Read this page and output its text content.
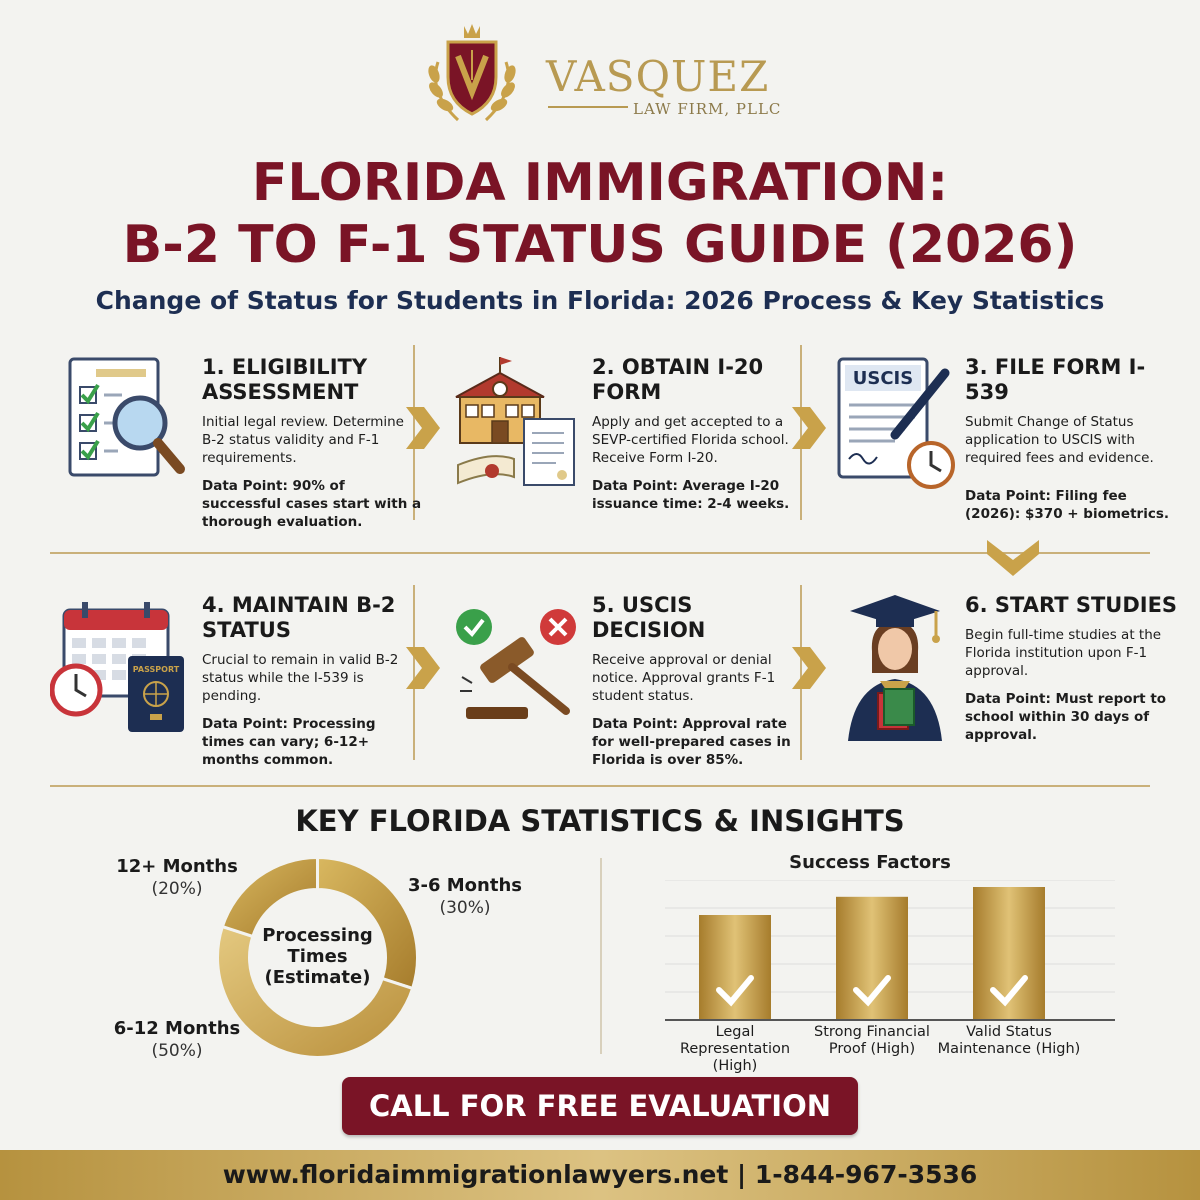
VASQUEZ
LAW FIRM, PLLC
FLORIDA IMMIGRATION:
B-2 TO F-1 STATUS GUIDE (2026)
Change of Status for Students in Florida: 2026 Process & Key Statistics
1. ELIGIBILITY ASSESSMENT

Initial legal review. Determine B-2 status validity and F-1 requirements.

Data Point: 90% of successful cases start with a thorough evaluation.

2. OBTAIN I-20 FORM

Apply and get accepted to a SEVP-certified Florida school. Receive Form I-20.

Data Point: Average I-20 issuance time: 2-4 weeks.

USCIS 3. FILE FORM I-539

Submit Change of Status application to USCIS with required fees and evidence.

Data Point: Filing fee (2026): $370 + biometrics.

PASSPORT
4. MAINTAIN B-2 STATUS

Crucial to remain in valid B-2 status while the I-539 is pending.

Data Point: Processing times can vary; 6-12+ months common.

5. USCIS DECISION

Receive approval or denial notice. Approval grants F-1 student status.

Data Point: Approval rate for well-prepared cases in Florida is over 85%.

6. START STUDIES

Begin full-time studies at the Florida institution upon F-1 approval.

Data Point: Must report to school within 30 days of approval.

KEY FLORIDA STATISTICS & INSIGHTS
Processing Times (Estimate)
12+ Months
(20%)	3-6 Months
(30%)
6-12 Months
(50%)
Success Factors
Legal
Representation (High)
Strong Financial
Proof (High)
Valid Status
Maintenance (High)
CALL FOR FREE EVALUATION
www.floridaimmigrationlawyers.net | 1-844-967-3536
